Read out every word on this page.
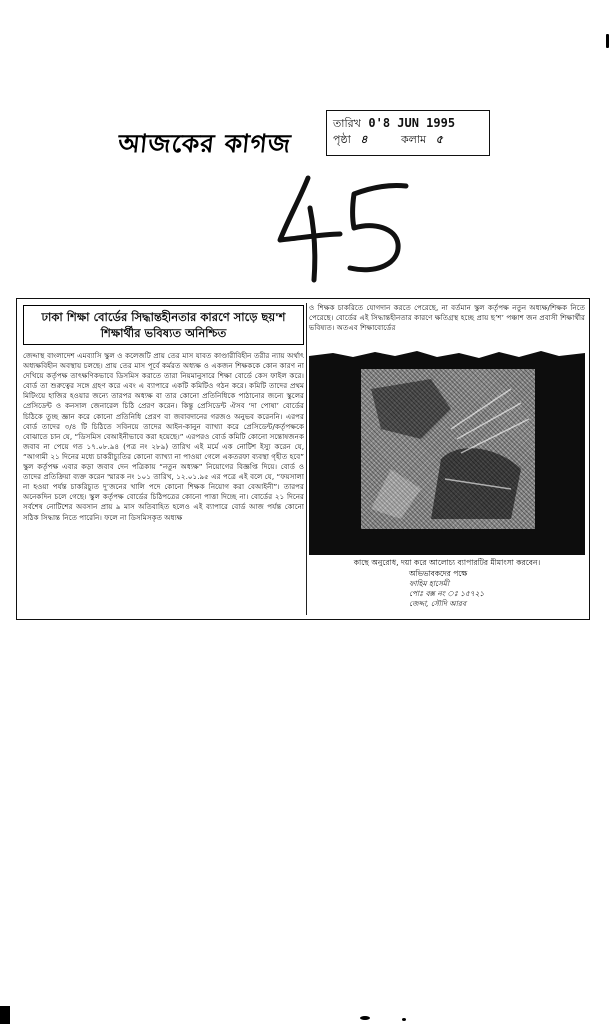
আজকের কাগজ
তারিখ 0'8 JUN 1995
পৃষ্ঠা ৪	কলাম ৫
ঢাকা শিক্ষা বোর্ডের সিদ্ধান্তহীনতার কারণে সাড়ে ছয়'শ শিক্ষার্থীর ভবিষ্যত অনিশ্চিত
জেদ্দাস্থ বাংলাদেশ এমব্যাসি স্কুল ও কলেজটি প্রায় তের মাস যাবত কাণ্ডারীবিহীন তরীর ন্যায় অর্থাৎ অধ্যক্ষবিহীন অবস্থায় চলছে। প্রায় তের মাস পূর্বে কর্মরত অধ্যক্ষ ও একজন শিক্ষককে কোন কারণ না দেখিয়ে কর্তৃপক্ষ তাৎক্ষণিকভাবে ডিসমিস করাতে তারা নিয়মানুসারে শিক্ষা বোর্ডে কেস ফাইল করে। বোর্ড তা শুরুত্বের সঙ্গে গ্রহণ করে এবং এ ব্যাপারে একটি কমিটিও গঠন করে। কমিটি তাদের প্রথম মিটিংয়ে হাজির হওয়ার জন্যে তারপর অধ্যক্ষ বা তার কোনো প্রতিনিধিকে পাঠানোর জন্যে স্কুলের প্রেসিডেন্ট ও কনসাল জেনারেল চিঠি প্রেরণ করেন। কিন্তু প্রেসিডেন্ট ঐসব ‘দা পোষা’ বোর্ডের চিঠিকে তুচ্ছ জ্ঞান করে কোনো প্রতিনিধি প্রেরণ বা জবাবদানের গরজও অনুভব করেননি। এরপর বোর্ড তাদের ৩/৪ টি চিঠিতে সবিনয়ে তাদের আইন-কানুন ব্যাখ্যা করে প্রেসিডেন্ট/কর্তৃপক্ষকে বোঝাতে চান যে, “ডিসমিস বেআইনীভাবে করা হয়েছে।” এরপরও বোর্ড কমিটি কোনো সন্তোষজনক জবাব না পেয়ে গত ১৭.০৮.৯৪ (পত্র নং ২৮৯) তারিখ এই মর্মে এক নোটিশ ইস্যু করেন যে, “আগামী ২১ দিনের মধ্যে চাকরীচ্যুতির কোনো ব্যাখ্যা না পাওয়া গেলে একতরফা ব্যবস্থা গৃহীত হবে” স্কুল কর্তৃপক্ষ এবার কড়া জবাব দেন পত্রিকায় “নতুন অধ্যক্ষ” নিয়োগের বিজ্ঞপ্তি দিয়ে। বোর্ড ও তাদের প্রতিক্রিয়া ব্যক্ত করেন স্মারক নং ১০১ তারিখ, ১২.০১.৯৫ এর পত্রে এই বলে যে, “ফয়সালা না হওয়া পর্যন্ত চাকরিচ্যুত দু’জনের খালি পদে কোনো শিক্ষক নিয়োগ করা বেআইনী”। তারপর অনেকদিন চলে গেছে। স্কুল কর্তৃপক্ষ বোর্ডের চিঠিপত্রের কোনো পাত্তা দিচ্ছে না। বোর্ডের ২১ দিনের সর্বশেষ নোটিশের অবসান প্রায় ৯ মাস অতিবাহিত হলেও এই ব্যাপারে বোর্ড আজ পর্যন্ত কোনো সঠিক সিদ্ধান্ত নিতে পারেনি। ফলে না ডিসমিসকৃত অধ্যক্ষ
ও শিক্ষক চাকরিতে যোগদান করতে পেরেছে, না বর্তমান স্কুল কর্তৃপক্ষ নতুন অধ্যক্ষ/শিক্ষক নিতে পেরেছে। বোর্ডের এই সিদ্ধান্তহীনতার কারণে ক্ষতিগ্রস্থ হচ্ছে প্রায় ছ’শ’ পঞ্চাশ জন প্রবাসী শিক্ষার্থীর ভবিষ্যত। অতএব শিক্ষাবোর্ডের
কাছে অনুরোধ, দয়া করে আলোচ্য ব্যাপারটির মীমাংসা করবেন।
অভিভাবকদের পক্ষে
ফাহিম হাসেমী
পোঃ বক্স নং ঃ ১৫৭২১
জেদ্দা, সৌদি আরব
